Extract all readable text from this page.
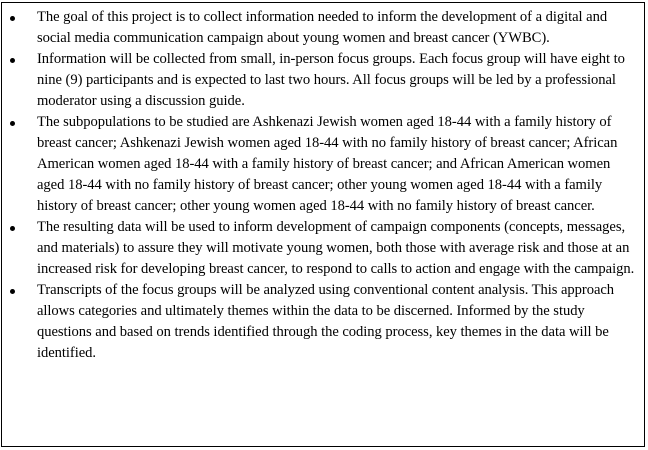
The goal of this project is to collect information needed to inform the development of a digital and social media communication campaign about young women and breast cancer (YWBC).
Information will be collected from small, in-person focus groups. Each focus group will have eight to nine (9) participants and is expected to last two hours. All focus groups will be led by a professional moderator using a discussion guide.
The subpopulations to be studied are Ashkenazi Jewish women aged 18-44 with a family history of breast cancer; Ashkenazi Jewish women aged 18-44 with no family history of breast cancer; African American women aged 18-44 with a family history of breast cancer; and African American women aged 18-44 with no family history of breast cancer; other young women aged 18-44 with a family history of breast cancer; other young women aged 18-44 with no family history of breast cancer.
The resulting data will be used to inform development of campaign components (concepts, messages, and materials) to assure they will motivate young women, both those with average risk and those at an increased risk for developing breast cancer, to respond to calls to action and engage with the campaign.
Transcripts of the focus groups will be analyzed using conventional content analysis. This approach allows categories and ultimately themes within the data to be discerned. Informed by the study questions and based on trends identified through the coding process, key themes in the data will be identified.
